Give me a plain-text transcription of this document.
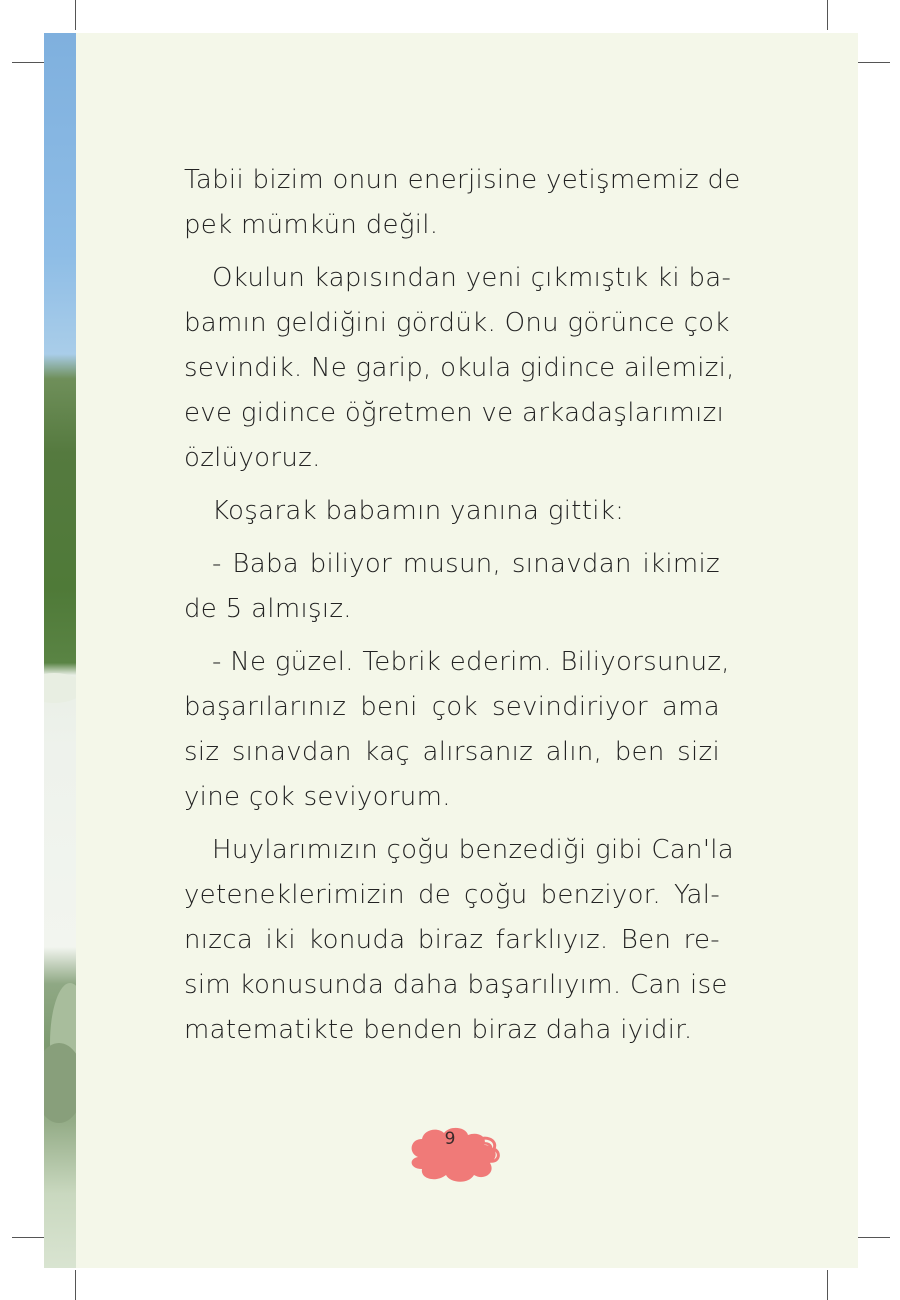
Tabii bizim onun enerjisine yetişmemiz de
pek mümkün değil.
Okulun kapısından yeni çıkmıştık ki ba-
bamın geldiğini gördük. Onu görünce çok
sevindik. Ne garip, okula gidince ailemizi,
eve gidince öğretmen ve arkadaşlarımızı
özlüyoruz.
Koşarak babamın yanına gittik:
- Baba biliyor musun, sınavdan ikimiz
de 5 almışız.
- Ne güzel. Tebrik ederim. Biliyorsunuz,
başarılarınız beni çok sevindiriyor ama
siz sınavdan kaç alırsanız alın, ben sizi
yine çok seviyorum.
Huylarımızın çoğu benzediği gibi Can'la
yeteneklerimizin de çoğu benziyor. Yal-
nızca iki konuda biraz farklıyız. Ben re-
sim konusunda daha başarılıyım. Can ise
matematikte benden biraz daha iyidir.
9
